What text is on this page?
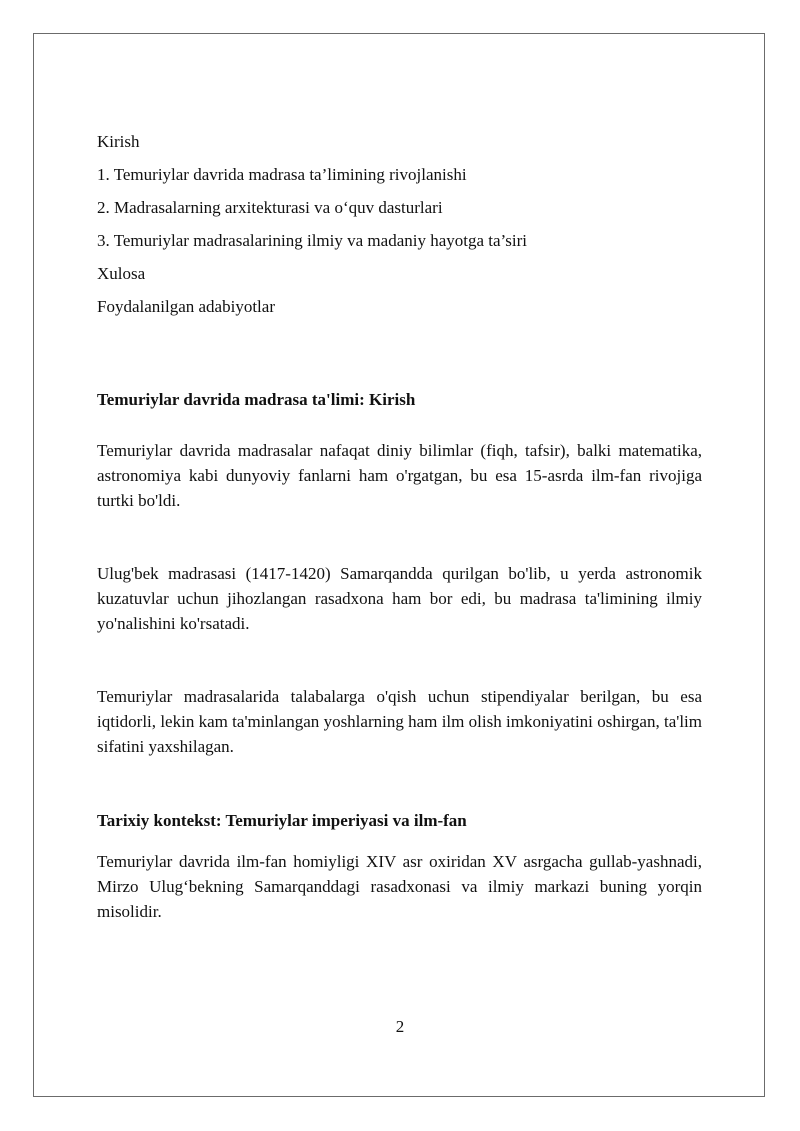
Kirish
1. Temuriylar davrida madrasa ta’limining rivojlanishi
2. Madrasalarning arxitekturasi va o‘quv dasturlari
3. Temuriylar madrasalarining ilmiy va madaniy hayotga ta’siri
Xulosa
Foydalanilgan adabiyotlar
Temuriylar davrida madrasa ta'limi: Kirish
Temuriylar davrida madrasalar nafaqat diniy bilimlar (fiqh, tafsir), balki matematika, astronomiya kabi dunyoviy fanlarni ham o'rgatgan, bu esa 15-asrda ilm-fan rivojiga turtki bo'ldi.
Ulug'bek madrasasi (1417-1420) Samarqandda qurilgan bo'lib, u yerda astronomik kuzatuvlar uchun jihozlangan rasadxona ham bor edi, bu madrasa ta'limining ilmiy yo'nalishini ko'rsatadi.
Temuriylar madrasalarida talabalarga o'qish uchun stipendiyalar berilgan, bu esa iqtidorli, lekin kam ta'minlangan yoshlarning ham ilm olish imkoniyatini oshirgan, ta'lim sifatini yaxshilagan.
Tarixiy kontekst: Temuriylar imperiyasi va ilm-fan
Temuriylar davrida ilm-fan homiyligi XIV asr oxiridan XV asrgacha gullab-yashnadi, Mirzo Ulug‘bekning Samarqanddagi rasadxonasi va ilmiy markazi buning yorqin misolidir.
2
